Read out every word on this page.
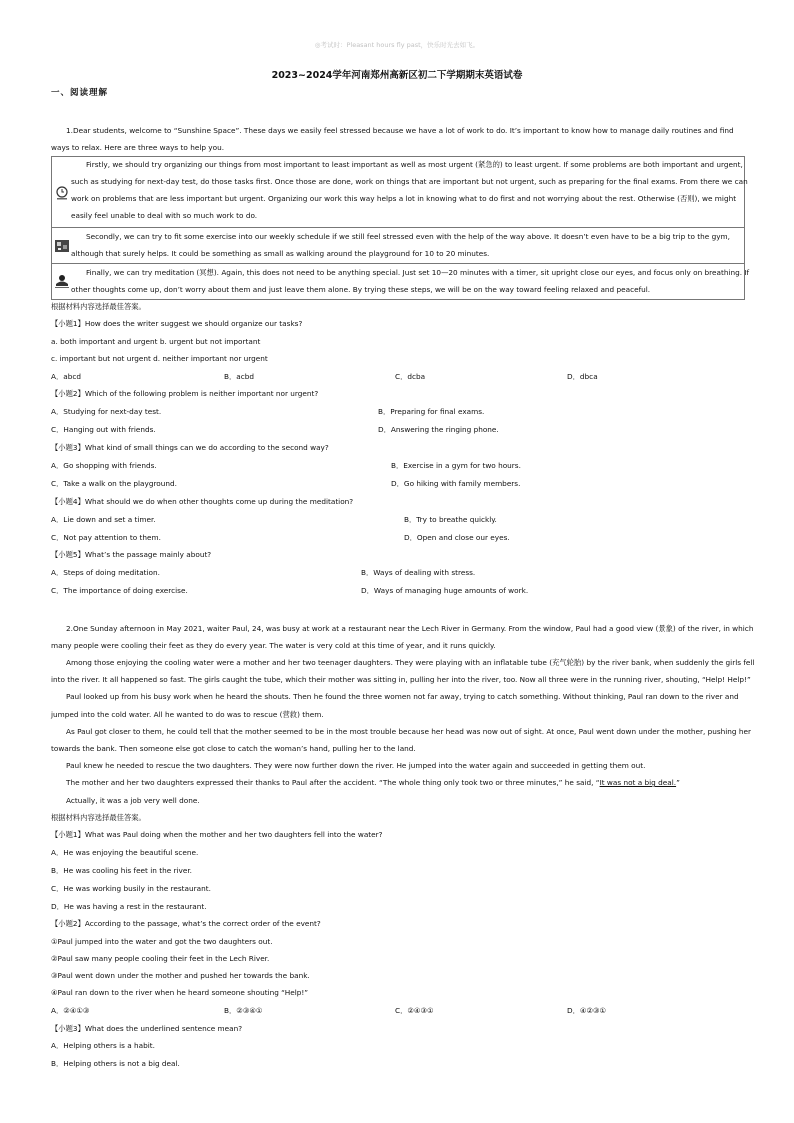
◎考试时：Pleasant hours fly past，快乐时光去如飞。
2023~2024学年河南郑州高新区初二下学期期末英语试卷
一、阅读理解
1.Dear students, welcome to “Sunshine Space”. These days we easily feel stressed because we have a lot of work to do. It’s important to know how to manage daily routines and find
ways to relax. Here are three ways to help you.
Firstly, we should try organizing our things from most important to least important as well as most urgent (紧急的) to least urgent. If some problems are both important and urgent,
such as studying for next-day test, do those tasks first. Once those are done, work on things that are important but not urgent, such as preparing for the final exams. From there we can
work on problems that are less important but urgent. Organizing our work this way helps a lot in knowing what to do first and not worrying about the rest. Otherwise (否则), we might
easily feel unable to deal with so much work to do.
Secondly, we can try to fit some exercise into our weekly schedule if we still feel stressed even with the help of the way above. It doesn’t even have to be a big trip to the gym,
although that surely helps. It could be something as small as walking around the playground for 10 to 20 minutes.
Finally, we can try meditation (冥想). Again, this does not need to be anything special. Just set 10—20 minutes with a timer, sit upright close our eyes, and focus only on breathing. If
other thoughts come up, don’t worry about them and just leave them alone. By trying these steps, we will be on the way toward feeling relaxed and peaceful.
根据材料内容选择最佳答案。
【小题1】How does the writer suggest we should organize our tasks?
a. both important and urgent b. urgent but not important
c. important but not urgent d. neither important nor urgent
A．abcd	B．acbd	C．dcba	D．dbca
【小题2】Which of the following problem is neither important nor urgent?
A．Studying for next-day test.	B．Preparing for final exams.
C．Hanging out with friends.	D．Answering the ringing phone.
【小题3】What kind of small things can we do according to the second way?
A．Go shopping with friends.	B．Exercise in a gym for two hours.
C．Take a walk on the playground.	D．Go hiking with family members.
【小题4】What should we do when other thoughts come up during the meditation?
A．Lie down and set a timer.	B．Try to breathe quickly.
C．Not pay attention to them.	D．Open and close our eyes.
【小题5】What’s the passage mainly about?
A．Steps of doing meditation.	B．Ways of dealing with stress.
C．The importance of doing exercise.	D．Ways of managing huge amounts of work.
2.One Sunday afternoon in May 2021, waiter Paul, 24, was busy at work at a restaurant near the Lech River in Germany. From the window, Paul had a good view (景象) of the river, in which
many people were cooling their feet as they do every year. The water is very cold at this time of year, and it runs quickly.
Among those enjoying the cooling water were a mother and her two teenager daughters. They were playing with an inflatable tube (充气轮胎) by the river bank, when suddenly the girls fell
into the river. It all happened so fast. The girls caught the tube, which their mother was sitting in, pulling her into the river, too. Now all three were in the running river, shouting, “Help! Help!”
Paul looked up from his busy work when he heard the shouts. Then he found the three women not far away, trying to catch something. Without thinking, Paul ran down to the river and
jumped into the cold water. All he wanted to do was to rescue (营救) them.
As Paul got closer to them, he could tell that the mother seemed to be in the most trouble because her head was now out of sight. At once, Paul went down under the mother, pushing her
towards the bank. Then someone else got close to catch the woman’s hand, pulling her to the land.
Paul knew he needed to rescue the two daughters. They were now further down the river. He jumped into the water again and succeeded in getting them out.
The mother and her two daughters expressed their thanks to Paul after the accident. “The whole thing only took two or three minutes,” he said, “It was not a big deal.”
Actually, it was a job very well done.
根据材料内容选择最佳答案。
【小题1】What was Paul doing when the mother and her two daughters fell into the water?
A．He was enjoying the beautiful scene.
B．He was cooling his feet in the river.
C．He was working busily in the restaurant.
D．He was having a rest in the restaurant.
【小题2】According to the passage, what’s the correct order of the event?
①Paul jumped into the water and got the two daughters out.
②Paul saw many people cooling their feet in the Lech River.
③Paul went down under the mother and pushed her towards the bank.
④Paul ran down to the river when he heard someone shouting “Help!”
A．②④①③	B．②③④①	C．②④③①	D．④②③①
【小题3】What does the underlined sentence mean?
A．Helping others is a habit.
B．Helping others is not a big deal.
